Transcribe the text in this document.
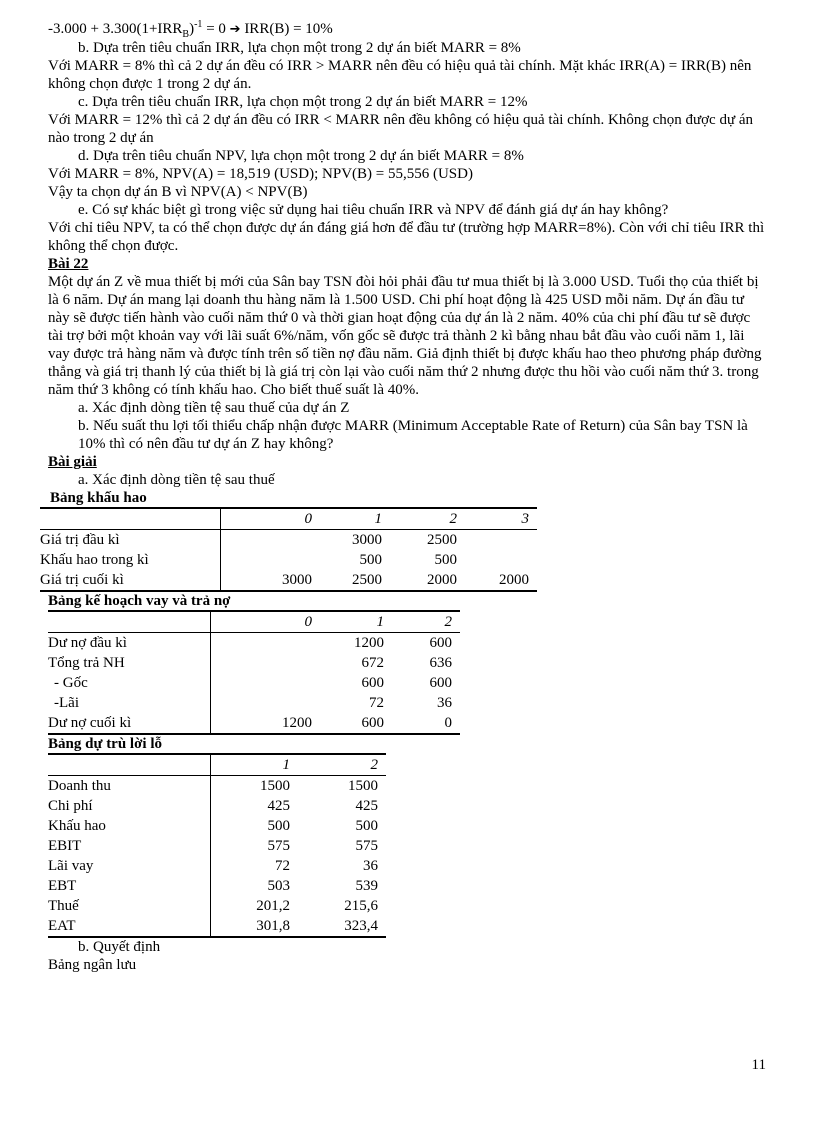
$-3.000 + 3.300(1+IRR_B)^{-1} = 0$ ➔ IRR(B) = 10%

b. Dựa trên tiêu chuẩn IRR, lựa chọn một trong 2 dự án biết MARR = 8%

Với MARR = 8% thì cả 2 dự án đều có IRR > MARR nên đều có hiệu quả tài chính. Mặt khác IRR(A) = IRR(B) nên không chọn được 1 trong 2 dự án.

c. Dựa trên tiêu chuẩn IRR, lựa chọn một trong 2 dự án biết MARR = 12%

Với MARR = 12% thì cả 2 dự án đều có IRR < MARR nên đều không có hiệu quả tài chính. Không chọn được dự án nào trong 2 dự án

d. Dựa trên tiêu chuẩn NPV, lựa chọn một trong 2 dự án biết MARR = 8%

Với MARR = 8%, NPV(A) = 18,519 (USD); NPV(B) = 55,556 (USD)

Vậy ta chọn dự án B vì NPV(A) < NPV(B)

e. Có sự khác biệt gì trong việc sử dụng hai tiêu chuẩn IRR và NPV để đánh giá dự án hay không?

Với chỉ tiêu NPV, ta có thể chọn được dự án đáng giá hơn để đầu tư (trường hợp MARR=8%). Còn với chỉ tiêu IRR thì không thể chọn được.

Bài 22

Một dự án Z về mua thiết bị mới của Sân bay TSN đòi hỏi phải đầu tư mua thiết bị là 3.000 USD. Tuổi thọ của thiết bị là 6 năm. Dự án mang lại doanh thu hàng năm là 1.500 USD. Chi phí hoạt động là 425 USD mỗi năm. Dự án đầu tư này sẽ được tiến hành vào cuối năm thứ 0 và thời gian hoạt động của dự án là 2 năm. 40% của chi phí đầu tư sẽ được tài trợ bởi một khoản vay với lãi suất 6%/năm, vốn gốc sẽ được trả thành 2 kì bằng nhau bắt đầu vào cuối năm 1, lãi vay được trả hàng năm và được tính trên số tiền nợ đầu năm. Giả định thiết bị được khấu hao theo phương pháp đường thẳng và giá trị thanh lý của thiết bị là giá trị còn lại vào cuối năm thứ 2 nhưng được thu hồi vào cuối năm thứ 3. trong năm thứ 3 không có tính khấu hao. Cho biết thuế suất là 40%.

a. Xác định dòng tiền tệ sau thuế của dự án Z

b. Nếu suất thu lợi tối thiểu chấp nhận được MARR (Minimum Acceptable Rate of Return) của Sân bay TSN là 10% thì có nên đầu tư dự án Z hay không?

Bài giải

a. Xác định dòng tiền tệ sau thuế

Bảng khấu hao
	0	1	2	3
Giá trị đầu kì		3000	2500	
Khấu hao trong kì		500	500	
Giá trị cuối kì	3000	2500	2000	2000
Bảng kế hoạch vay và trả nợ
	0	1	2
Dư nợ đầu kì		1200	600
Tổng trả NH		672	636
- Gốc		600	600
-Lãi		72	36
Dư nợ cuối kì	1200	600	0
Bảng dự trù lời lỗ
	1	2
Doanh thu	1500	1500
Chi phí	425	425
Khấu hao	500	500
EBIT	575	575
Lãi vay	72	36
EBT	503	539
Thuế	201,2	215,6
EAT	301,8	323,4

b. Quyết định

Bảng ngân lưu

11
